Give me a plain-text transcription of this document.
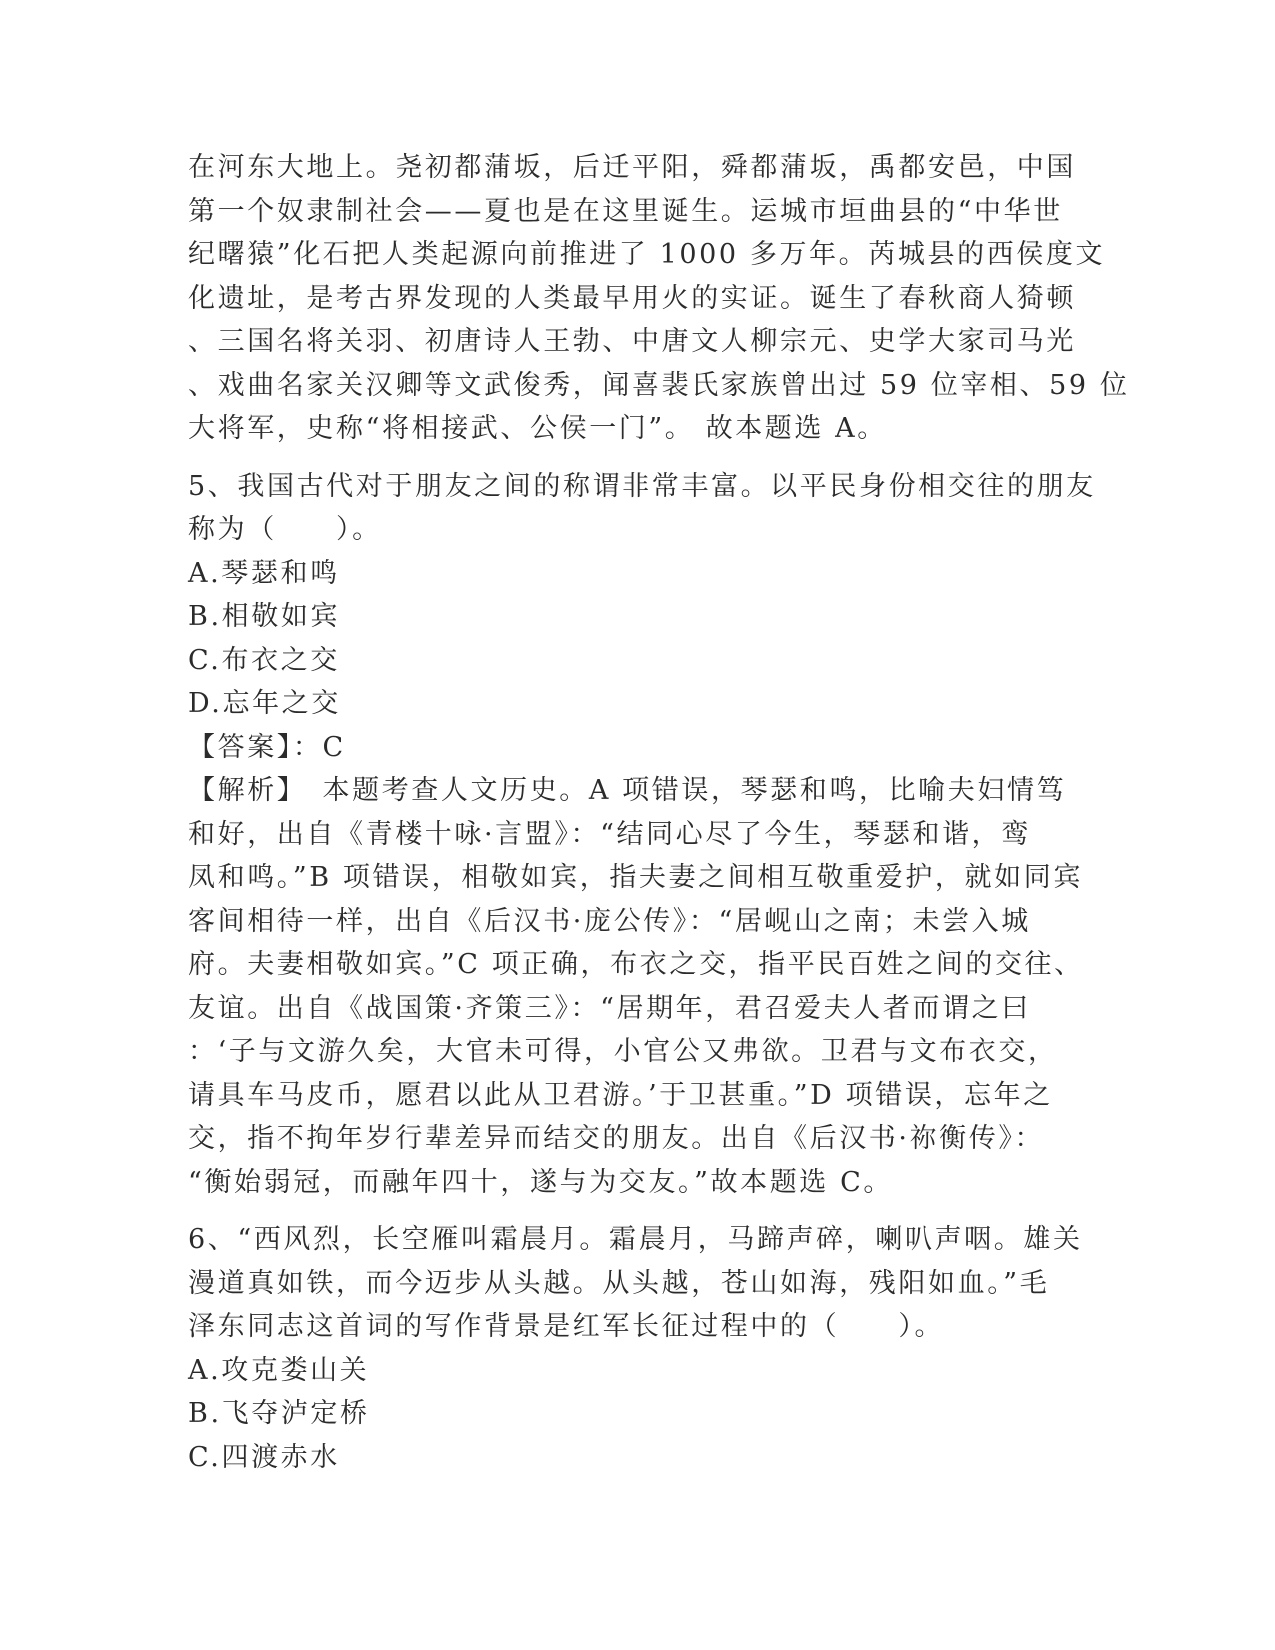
在河东大地上。尧初都蒲坂，后迁平阳，舜都蒲坂，禹都安邑，中国

第一个奴隶制社会——夏也是在这里诞生。运城市垣曲县的“中华世

纪曙猿”化石把人类起源向前推进了 1000 多万年。芮城县的西侯度文

化遗址，是考古界发现的人类最早用火的实证。诞生了春秋商人猗顿

、三国名将关羽、初唐诗人王勃、中唐文人柳宗元、史学大家司马光

、戏曲名家关汉卿等文武俊秀，闻喜裴氏家族曾出过 59 位宰相、59 位

大将军，史称“将相接武、公侯一门”。 故本题选 A。

5、我国古代对于朋友之间的称谓非常丰富。以平民身份相交往的朋友

称为（　　）。

A.琴瑟和鸣

B.相敬如宾

C.布衣之交

D.忘年之交

【答案】：C

【解析】　本题考查人文历史。A 项错误，琴瑟和鸣，比喻夫妇情笃

和好，出自《青楼十咏·言盟》：“结同心尽了今生，琴瑟和谐，鸾

凤和鸣。”B 项错误，相敬如宾，指夫妻之间相互敬重爱护，就如同宾

客间相待一样，出自《后汉书·庞公传》：“居岘山之南；未尝入城

府。夫妻相敬如宾。”C 项正确，布衣之交，指平民百姓之间的交往、

友谊。出自《战国策·齐策三》：“居期年，君召爱夫人者而谓之曰

：‘子与文游久矣，大官未可得，小官公又弗欲。卫君与文布衣交，

请具车马皮币，愿君以此从卫君游。’于卫甚重。”D 项错误，忘年之

交，指不拘年岁行辈差异而结交的朋友。出自《后汉书·祢衡传》：

“衡始弱冠，而融年四十，遂与为交友。”故本题选 C。

6、“西风烈，长空雁叫霜晨月。霜晨月，马蹄声碎，喇叭声咽。雄关

漫道真如铁，而今迈步从头越。从头越，苍山如海，残阳如血。”毛

泽东同志这首词的写作背景是红军长征过程中的（　　）。

A.攻克娄山关

B.飞夺泸定桥

C.四渡赤水
